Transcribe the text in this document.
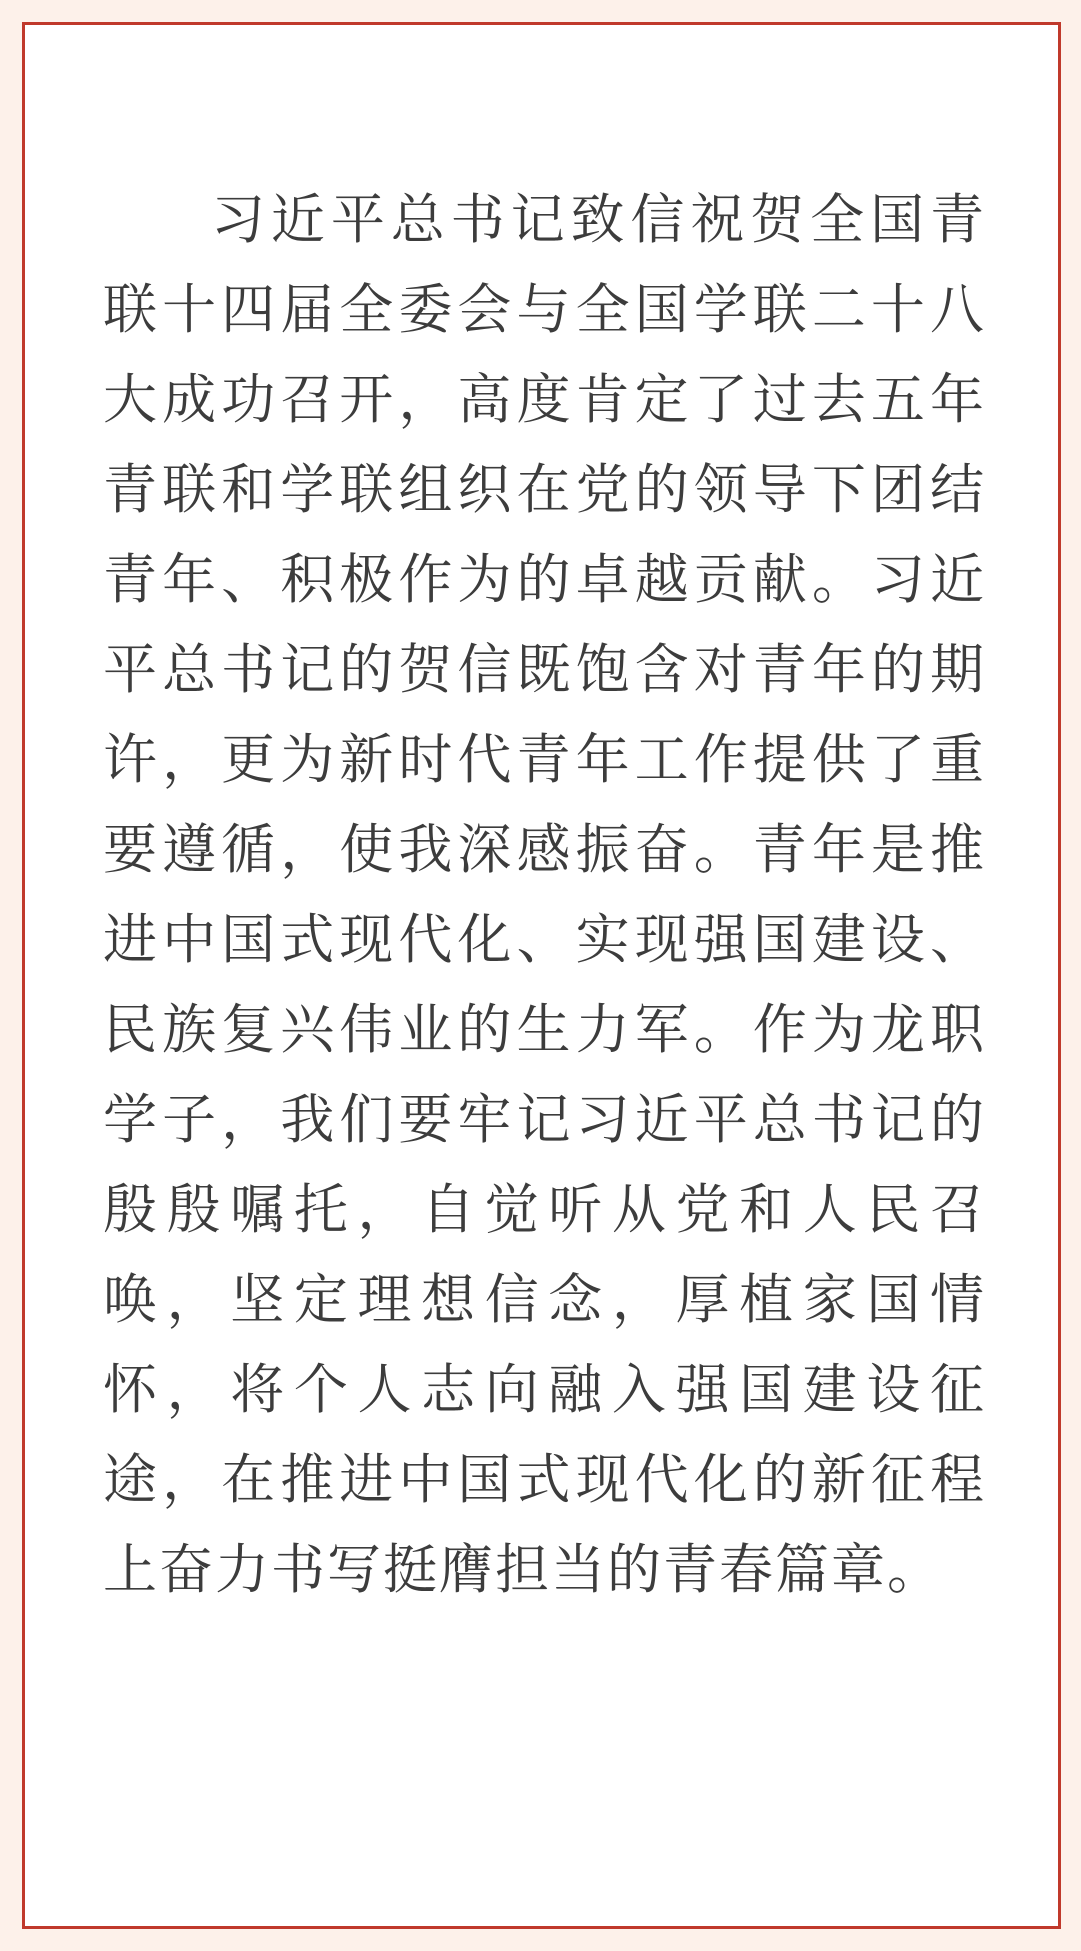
习近平总书记致信祝贺全国青联十四届全委会与全国学联二十八大成功召开，高度肯定了过去五年青联和学联组织在党的领导下团结青年、积极作为的卓越贡献。习近平总书记的贺信既饱含对青年的期许，更为新时代青年工作提供了重要遵循，使我深感振奋。青年是推进中国式现代化、实现强国建设、民族复兴伟业的生力军。作为龙职学子，我们要牢记习近平总书记的殷殷嘱托，自觉听从党和人民召唤，坚定理想信念，厚植家国情怀，将个人志向融入强国建设征途，在推进中国式现代化的新征程上奋力书写挺膺担当的青春篇章。
